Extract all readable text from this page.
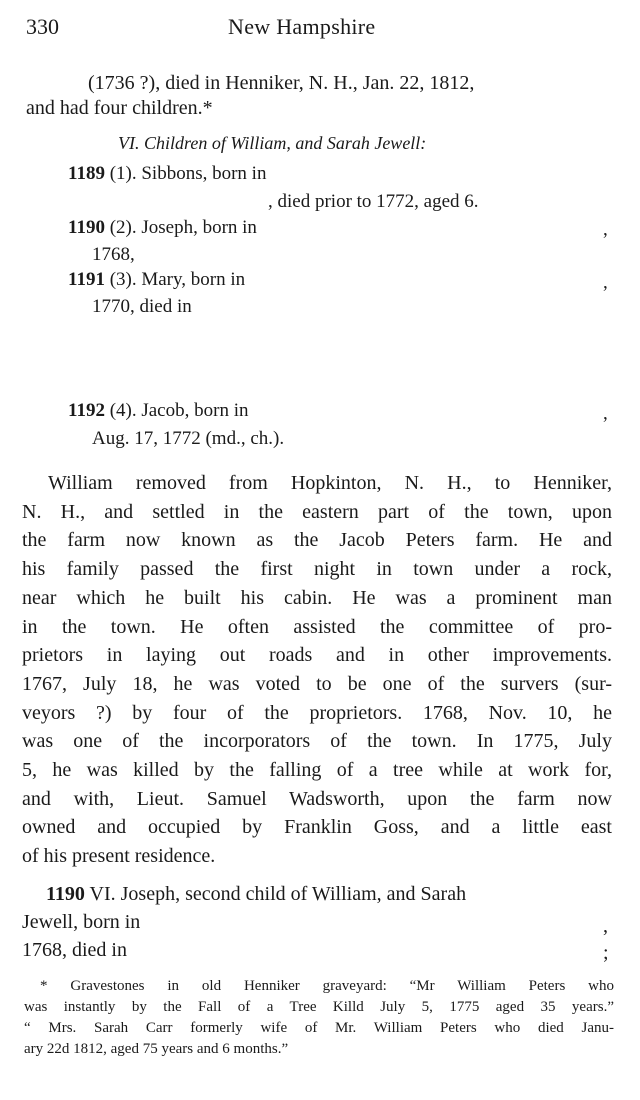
330	New Hampshire
(1736 ?), died in Henniker, N. H., Jan. 22, 1812,
and had four children.*
VI. Children of William, and Sarah Jewell:
1189 (1). Sibbons, born in
, died prior to 1772, aged 6.
1190 (2). Joseph, born in	,
1768,
1191 (3). Mary, born in	,
1770, died in
1192 (4). Jacob, born in	,
Aug. 17, 1772 (md., ch.).
William removed from Hopkinton, N. H., to Henniker,
N. H., and settled in the eastern part of the town, upon
the farm now known as the Jacob Peters farm. He and
his family passed the first night in town under a rock,
near which he built his cabin. He was a prominent man
in the town. He often assisted the committee of pro-
prietors in laying out roads and in other improvements.
1767, July 18, he was voted to be one of the survers (sur-
veyors ?) by four of the proprietors. 1768, Nov. 10, he
was one of the incorporators of the town. In 1775, July
5, he was killed by the falling of a tree while at work for,
and with, Lieut. Samuel Wadsworth, upon the farm now
owned and occupied by Franklin Goss, and a little east
of his present residence.
1190 VI. Joseph, second child of William, and Sarah
Jewell, born in	,
1768, died in	;
* Gravestones in old Henniker graveyard: “Mr William Peters who
was instantly by the Fall of a Tree Killd July 5, 1775 aged 35 years.”
“ Mrs. Sarah Carr formerly wife of Mr. William Peters who died Janu-
ary 22d 1812, aged 75 years and 6 months.”
